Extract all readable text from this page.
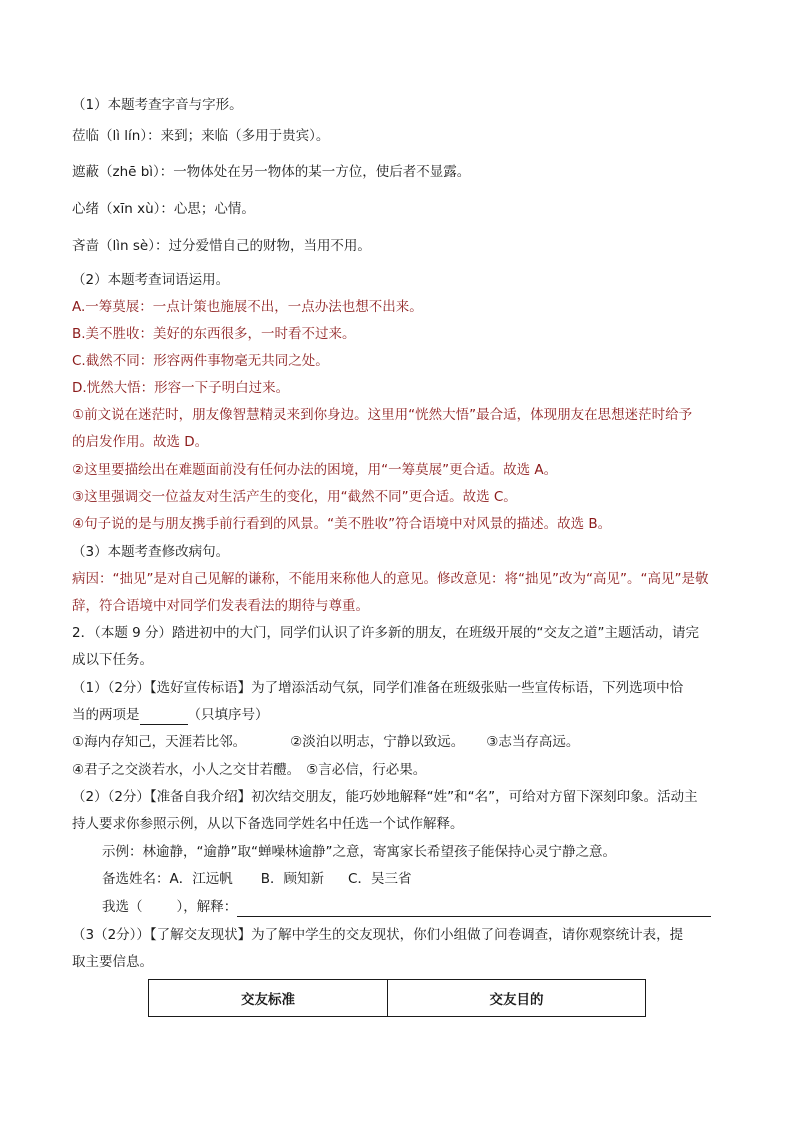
（1）本题考查字音与字形。
莅临（lì lín）：来到；来临（多用于贵宾）。
遮蔽（zhē bì）：一物体处在另一物体的某一方位，使后者不显露。
心绪（xīn xù）：心思；心情。
吝啬（lìn sè）：过分爱惜自己的财物，当用不用。
（2）本题考查词语运用。
A.一筹莫展：一点计策也施展不出，一点办法也想不出来。
B.美不胜收：美好的东西很多，一时看不过来。
C.截然不同：形容两件事物毫无共同之处。
D.恍然大悟：形容一下子明白过来。
①前文说在迷茫时，朋友像智慧精灵来到你身边。这里用“恍然大悟”最合适，体现朋友在思想迷茫时给予
的启发作用。故选 D。
②这里要描绘出在难题面前没有任何办法的困境，用“一筹莫展”更合适。故选 A。
③这里强调交一位益友对生活产生的变化，用“截然不同”更合适。故选 C。
④句子说的是与朋友携手前行看到的风景。“美不胜收”符合语境中对风景的描述。故选 B。
（3）本题考查修改病句。
病因：“拙见”是对自己见解的谦称，不能用来称他人的意见。修改意见：将“拙见”改为“高见”。“高见”是敬
辞，符合语境中对同学们发表看法的期待与尊重。
2．（本题 9 分）踏进初中的大门，同学们认识了许多新的朋友，在班级开展的“交友之道”主题活动，请完
成以下任务。
（1）（2分）【选好宣传标语】为了增添活动气氛，同学们准备在班级张贴一些宣传标语，下列选项中恰
当的两项是	（只填序号）
①海内存知己，天涯若比邻。	②淡泊以明志，宁静以致远。 ③志当存高远。
④君子之交淡若水，小人之交甘若醴。 ⑤言必信，行必果。
（2）（2分）【准备自我介绍】初次结交朋友，能巧妙地解释“姓”和“名”，可给对方留下深刻印象。活动主
持人要求你参照示例，从以下备选同学姓名中任选一个试作解释。
示例：林逾静，“逾静”取“蝉噪林逾静”之意，寄寓家长希望孩子能保持心灵宁静之意。
备选姓名：A．江远帆 B．顾知新 C．吴三省
我选（	），解释：
（3（2分））【了解交友现状】为了解中学生的交友现状，你们小组做了问卷调查，请你观察统计表，提
取主要信息。
交友标准	交友目的
